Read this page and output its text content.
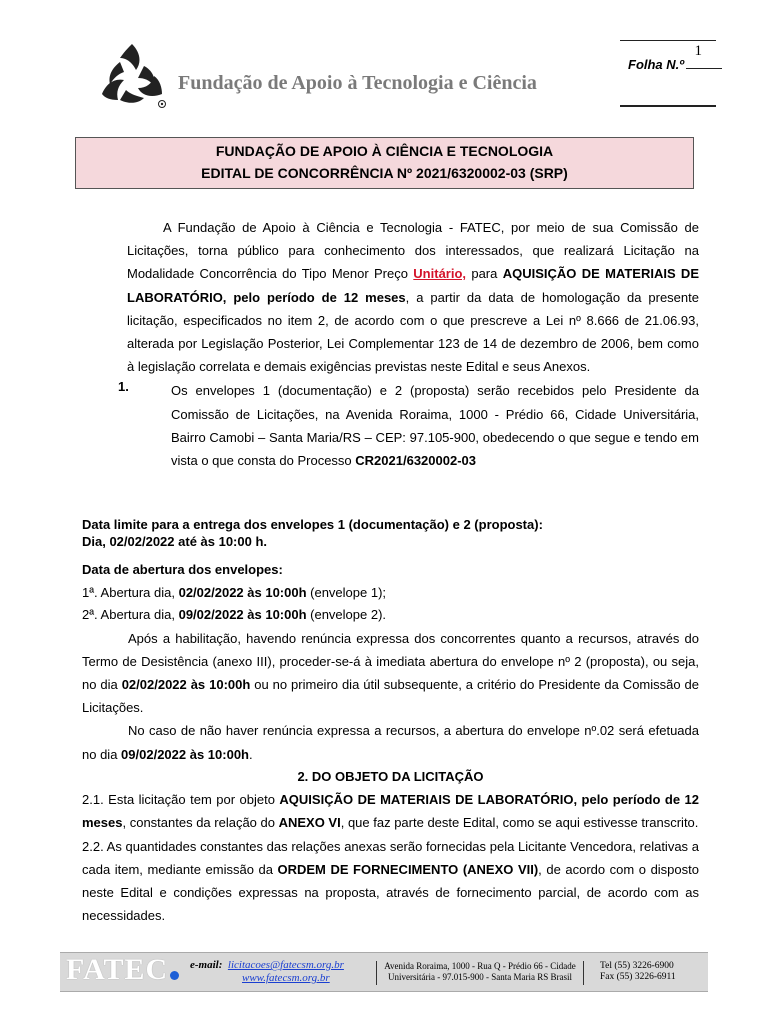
Fundação de Apoio à Tecnologia e Ciência
1
Folha N.º
FUNDAÇÃO DE APOIO À CIÊNCIA E TECNOLOGIA
EDITAL DE CONCORRÊNCIA Nº 2021/6320002-03 (SRP)
A Fundação de Apoio à Ciência e Tecnologia - FATEC, por meio de sua Comissão de Licitações, torna público para conhecimento dos interessados, que realizará Licitação na Modalidade Concorrência do Tipo Menor Preço Unitário, para AQUISIÇÃO DE MATERIAIS DE LABORATÓRIO, pelo período de 12 meses, a partir da data de homologação da presente licitação, especificados no item 2, de acordo com o que prescreve a Lei nº 8.666 de 21.06.93, alterada por Legislação Posterior, Lei Complementar 123 de 14 de dezembro de 2006, bem como à legislação correlata e demais exigências previstas neste Edital e seus Anexos.
1.	Os envelopes 1 (documentação) e 2 (proposta) serão recebidos pelo Presidente da Comissão de Licitações, na Avenida Roraima, 1000 - Prédio 66, Cidade Universitária, Bairro Camobi – Santa Maria/RS – CEP: 97.105-900, obedecendo o que segue e tendo em vista o que consta do Processo CR2021/6320002-03
Data limite para a entrega dos envelopes 1 (documentação) e 2 (proposta):
Dia, 02/02/2022 até às 10:00 h.
Data de abertura dos envelopes:
1ª. Abertura dia, 02/02/2022 às 10:00h (envelope 1);
2ª. Abertura dia, 09/02/2022 às 10:00h (envelope 2).
Após a habilitação, havendo renúncia expressa dos concorrentes quanto a recursos, através do Termo de Desistência (anexo III), proceder-se-á à imediata abertura do envelope nº 2 (proposta), ou seja, no dia 02/02/2022 às 10:00h ou no primeiro dia útil subsequente, a critério do Presidente da Comissão de Licitações.
No caso de não haver renúncia expressa a recursos, a abertura do envelope nº.02 será efetuada no dia 09/02/2022 às 10:00h.
2. DO OBJETO DA LICITAÇÃO
2.1. Esta licitação tem por objeto AQUISIÇÃO DE MATERIAIS DE LABORATÓRIO, pelo período de 12 meses, constantes da relação do ANEXO VI, que faz parte deste Edital, como se aqui estivesse transcrito.
2.2. As quantidades constantes das relações anexas serão fornecidas pela Licitante Vencedora, relativas a cada item, mediante emissão da ORDEM DE FORNECIMENTO (ANEXO VII), de acordo com o disposto neste Edital e condições expressas na proposta, através de fornecimento parcial, de acordo com as necessidades.
FATEC e-mail: licitacoes@fatecsm.org.br
www.fatecsm.org.br
Avenida Roraima, 1000 - Rua Q - Prédio 66 - Cidade
Universitária - 97.015-900 - Santa Maria RS Brasil
Tel (55) 3226-6900
Fax (55) 3226-6911
